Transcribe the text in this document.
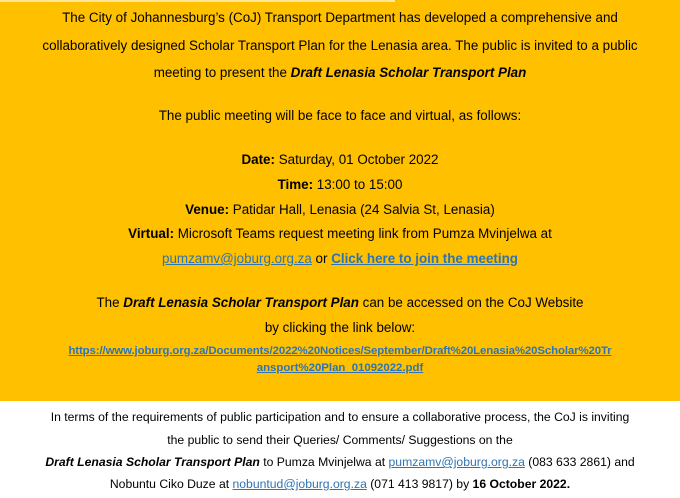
The City of Johannesburg’s (CoJ) Transport Department has developed a comprehensive and
collaboratively designed Scholar Transport Plan for the Lenasia area. The public is invited to a public
meeting to present the Draft Lenasia Scholar Transport Plan
The public meeting will be face to face and virtual, as follows:
Date: Saturday, 01 October 2022
Time: 13:00 to 15:00
Venue: Patidar Hall, Lenasia (24 Salvia St, Lenasia)
Virtual: Microsoft Teams request meeting link from Pumza Mvinjelwa at
pumzamv@joburg.org.za or Click here to join the meeting
The Draft Lenasia Scholar Transport Plan can be accessed on the CoJ Website
by clicking the link below:
https://www.joburg.org.za/Documents/2022%20Notices/September/Draft%20Lenasia%20Scholar%20Tr
ansport%20Plan_01092022.pdf
In terms of the requirements of public participation and to ensure a collaborative process, the CoJ is inviting
the public to send their Queries/ Comments/ Suggestions on the
Draft Lenasia Scholar Transport Plan to Pumza Mvinjelwa at pumzamv@joburg.org.za (083 633 2861) and
Nobuntu Ciko Duze at nobuntud@joburg.org.za (071 413 9817) by 16 October 2022.
